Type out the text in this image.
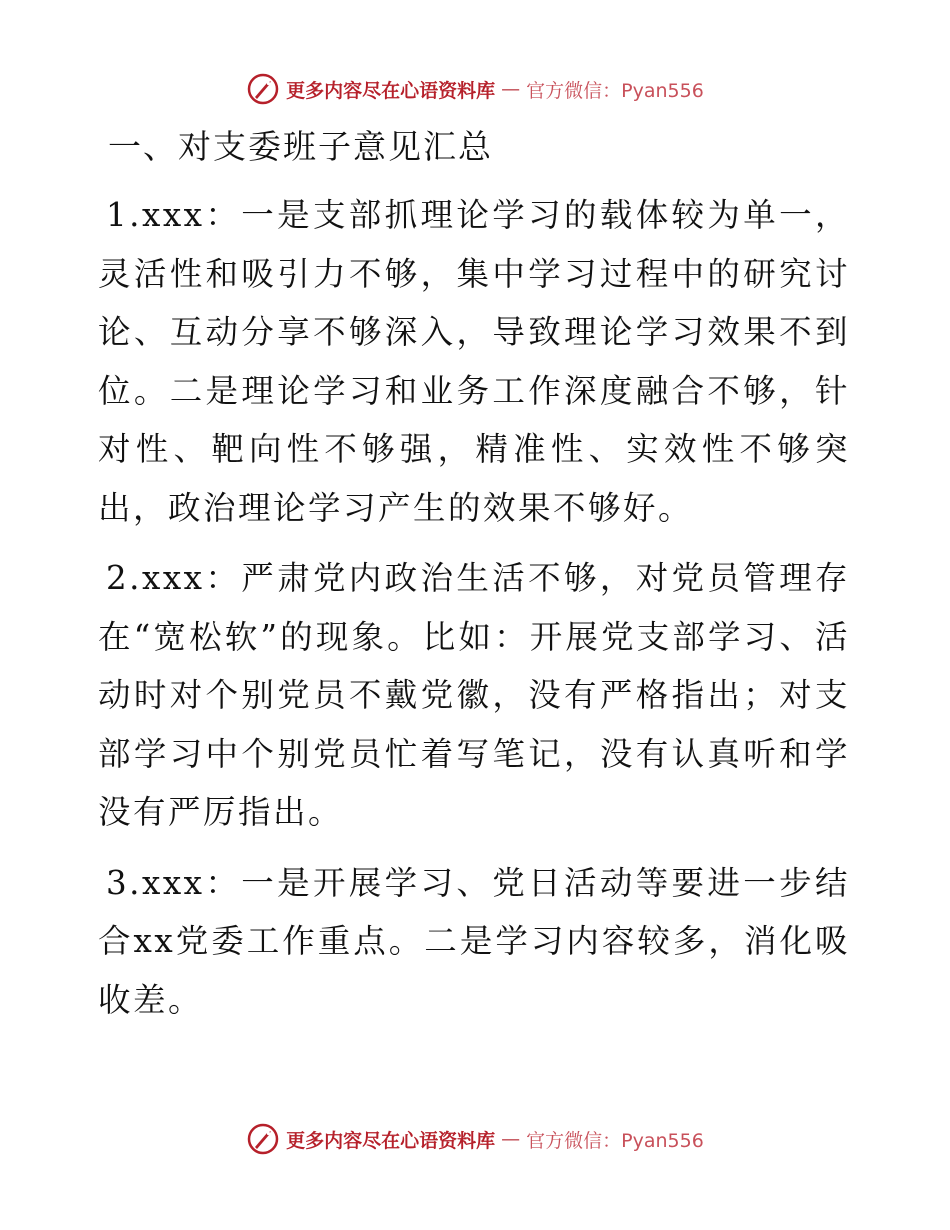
更多内容尽在心语资料库 — 官方微信：Pyan556
一、对支委班子意见汇总

1.xxx：一是支部抓理论学习的载体较为单一，灵活性和吸引力不够，集中学习过程中的研究讨论、互动分享不够深入，导致理论学习效果不到位。二是理论学习和业务工作深度融合不够，针对性、靶向性不够强，精准性、实效性不够突出，政治理论学习产生的效果不够好。

2.xxx：严肃党内政治生活不够，对党员管理存在“宽松软”的现象。比如：开展党支部学习、活动时对个别党员不戴党徽，没有严格指出；对支部学习中个别党员忙着写笔记，没有认真听和学没有严厉指出。

3.xxx：一是开展学习、党日活动等要进一步结合xx党委工作重点。二是学习内容较多，消化吸收差。

更多内容尽在心语资料库 — 官方微信：Pyan556
